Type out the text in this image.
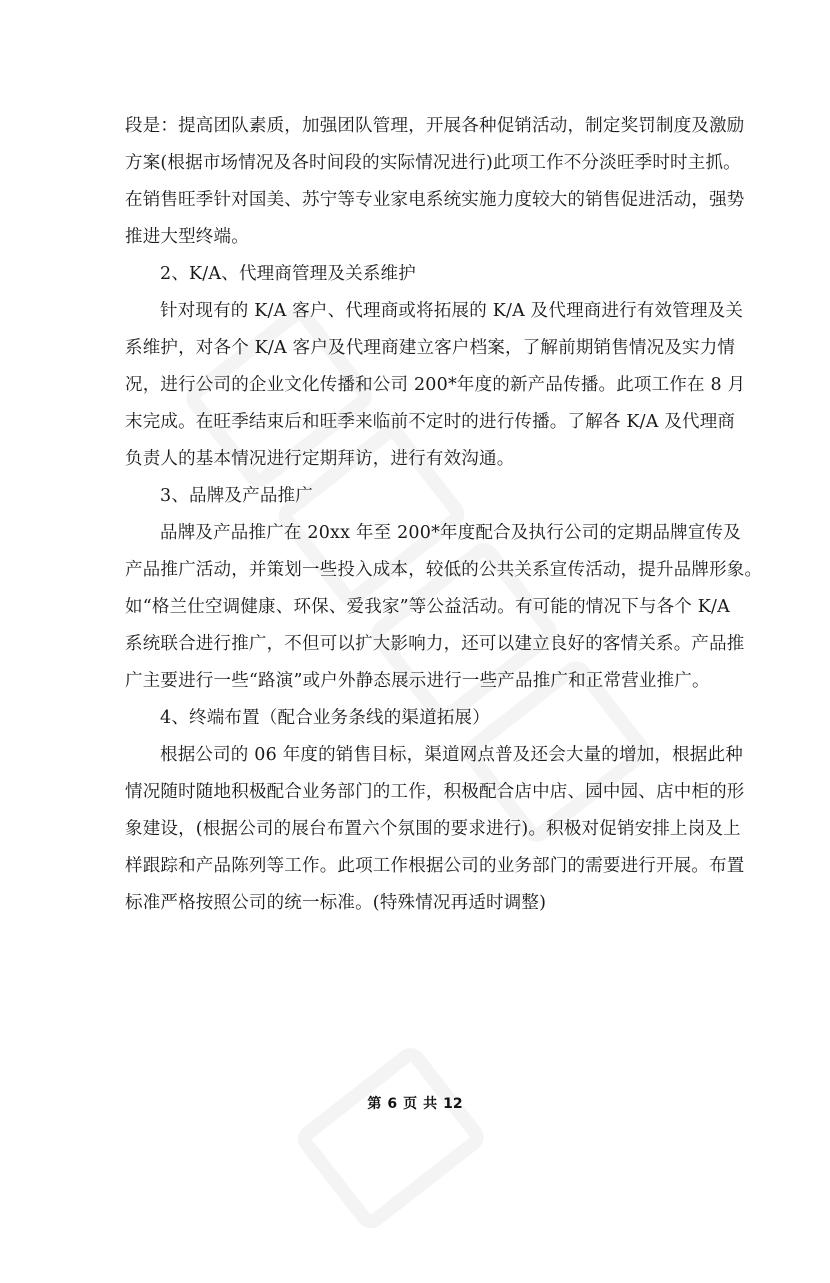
段是：提高团队素质，加强团队管理，开展各种促销活动，制定奖罚制度及激励
方案(根据市场情况及各时间段的实际情况进行)此项工作不分淡旺季时时主抓。
在销售旺季针对国美、苏宁等专业家电系统实施力度较大的销售促进活动，强势
推进大型终端。
2、K/A、代理商管理及关系维护
针对现有的 K/A 客户、代理商或将拓展的 K/A 及代理商进行有效管理及关
系维护，对各个 K/A 客户及代理商建立客户档案，了解前期销售情况及实力情
况，进行公司的企业文化传播和公司 200*年度的新产品传播。此项工作在 8 月
末完成。在旺季结束后和旺季来临前不定时的进行传播。了解各 K/A 及代理商
负责人的基本情况进行定期拜访，进行有效沟通。
3、品牌及产品推广
品牌及产品推广在 20xx 年至 200*年度配合及执行公司的定期品牌宣传及
产品推广活动，并策划一些投入成本，较低的公共关系宣传活动，提升品牌形象。
如“格兰仕空调健康、环保、爱我家”等公益活动。有可能的情况下与各个 K/A
系统联合进行推广，不但可以扩大影响力，还可以建立良好的客情关系。产品推
广主要进行一些“路演”或户外静态展示进行一些产品推广和正常营业推广。
4、终端布置（配合业务条线的渠道拓展）
根据公司的 06 年度的销售目标，渠道网点普及还会大量的增加，根据此种
情况随时随地积极配合业务部门的工作，积极配合店中店、园中园、店中柜的形
象建设，(根据公司的展台布置六个氛围的要求进行)。积极对促销安排上岗及上
样跟踪和产品陈列等工作。此项工作根据公司的业务部门的需要进行开展。布置
标准严格按照公司的统一标准。(特殊情况再适时调整)
第 6 页 共 12
